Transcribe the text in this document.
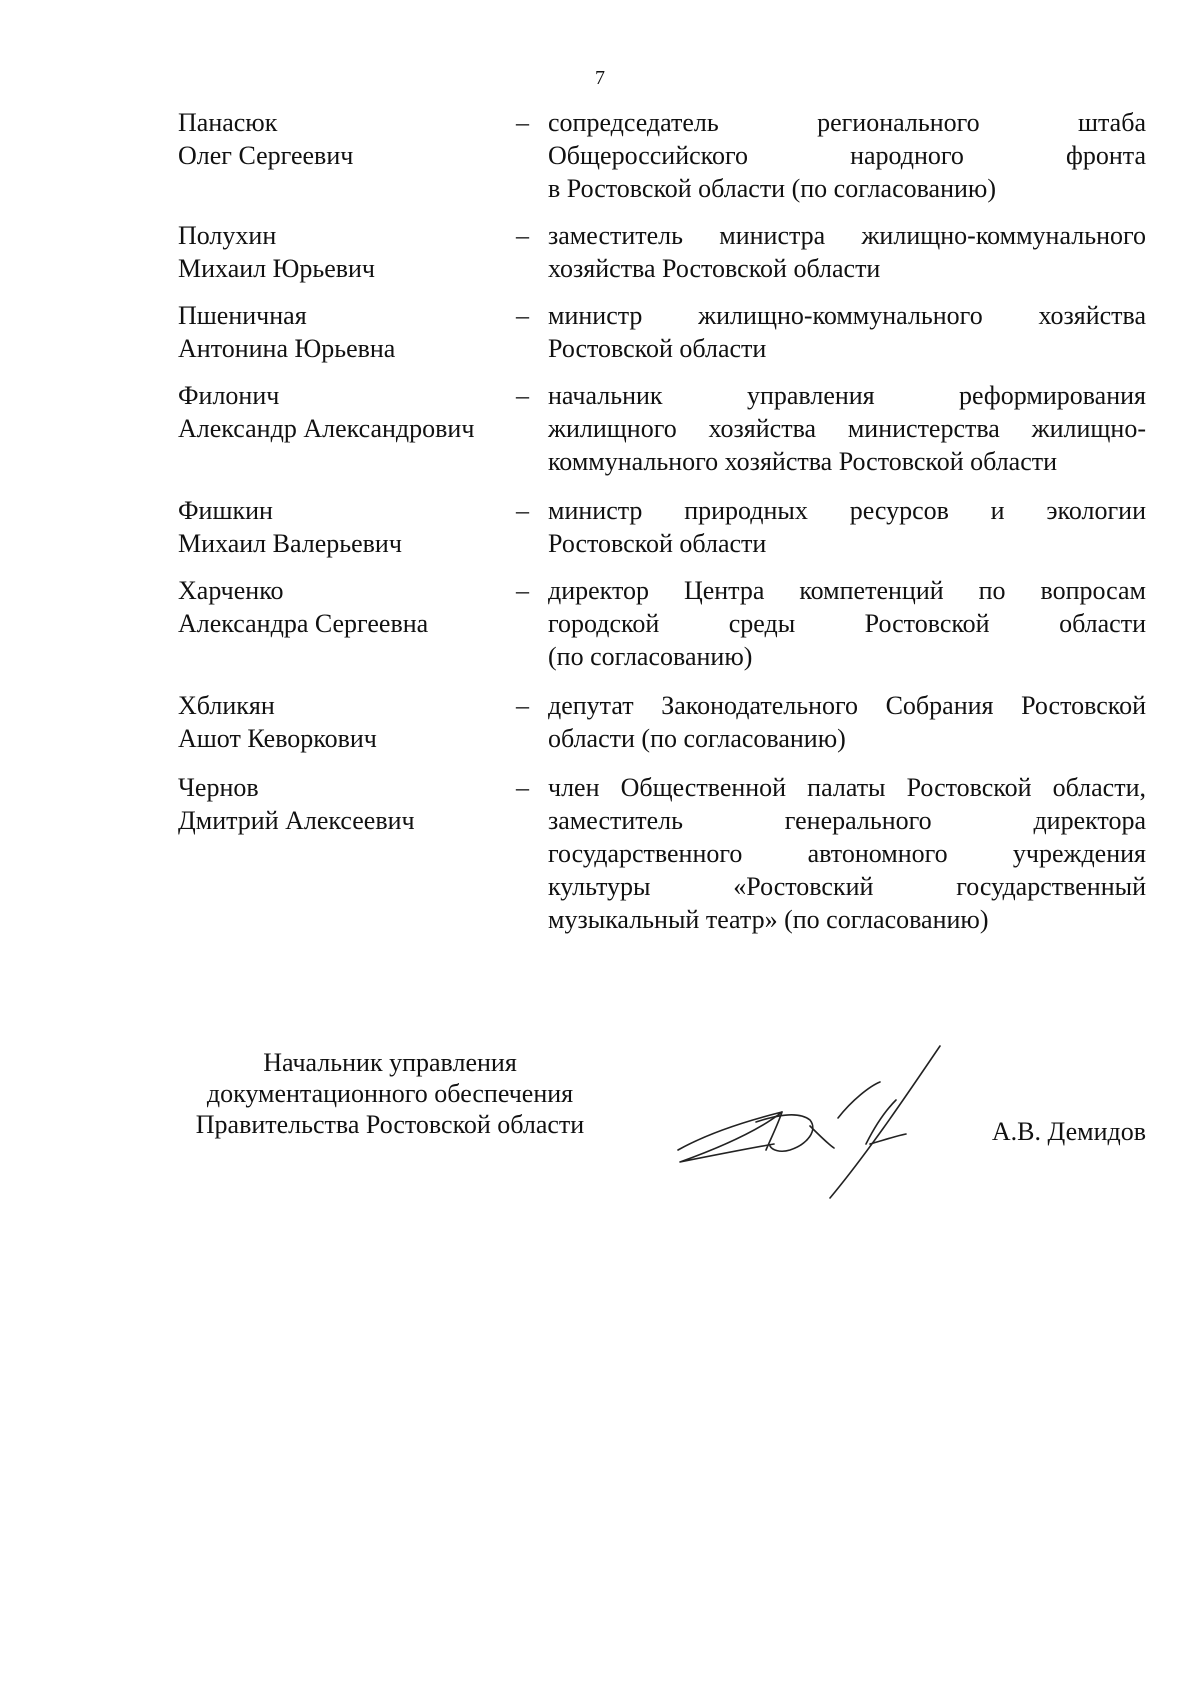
7
Панасюк
Олег Сергеевич
– сопредседатель регионального штаба
Общероссийского народного фронта
в Ростовской области (по согласованию)
Полухин
Михаил Юрьевич
– заместитель министра жилищно-коммунального
хозяйства Ростовской области
Пшеничная
Антонина Юрьевна
– министр жилищно-коммунального хозяйства
Ростовской области
Филонич
Александр Александрович
– начальник управления реформирования
жилищного хозяйства министерства жилищно-
коммунального хозяйства Ростовской области
Фишкин
Михаил Валерьевич
– министр природных ресурсов и экологии
Ростовской области
Харченко
Александра Сергеевна
– директор Центра компетенций по вопросам
городской среды Ростовской области
(по согласованию)
Хбликян
Ашот Кеворкович
– депутат Законодательного Собрания Ростовской
области (по согласованию)
Чернов
Дмитрий Алексеевич
– член Общественной палаты Ростовской области,
заместитель генерального директора
государственного автономного учреждения
культуры «Ростовский государственный
музыкальный театр» (по согласованию)
Начальник управления
документационного обеспечения
Правительства Ростовской области	А.В. Демидов
